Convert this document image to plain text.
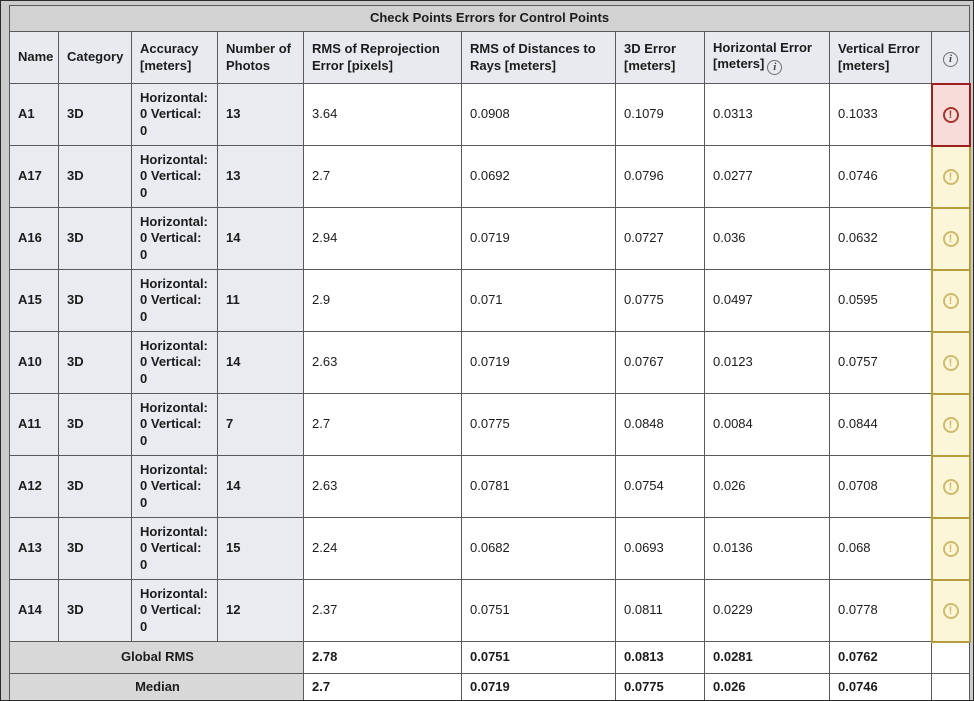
Check Points Errors for Control Points									
Name	Category	Accuracy [meters]	Number of Photos	RMS of Reprojection Error [pixels]	RMS of Distances to Rays [meters]	3D Error [meters]	Horizontal Error [meters] i	Vertical Error [meters]	i
A1	3D	Horizontal: 0 Vertical: 0	13	3.64	0.0908	0.1079	0.0313	0.1033	!
A17	3D	Horizontal: 0 Vertical: 0	13	2.7	0.0692	0.0796	0.0277	0.0746	!
A16	3D	Horizontal: 0 Vertical: 0	14	2.94	0.0719	0.0727	0.036	0.0632	!
A15	3D	Horizontal: 0 Vertical: 0	11	2.9	0.071	0.0775	0.0497	0.0595	!
A10	3D	Horizontal: 0 Vertical: 0	14	2.63	0.0719	0.0767	0.0123	0.0757	!
A11	3D	Horizontal: 0 Vertical: 0	7	2.7	0.0775	0.0848	0.0084	0.0844	!
A12	3D	Horizontal: 0 Vertical: 0	14	2.63	0.0781	0.0754	0.026	0.0708	!
A13	3D	Horizontal: 0 Vertical: 0	15	2.24	0.0682	0.0693	0.0136	0.068	!
A14	3D	Horizontal: 0 Vertical: 0	12	2.37	0.0751	0.0811	0.0229	0.0778	!
Global RMS				2.78	0.0751	0.0813	0.0281	0.0762	
Median				2.7	0.0719	0.0775	0.026	0.0746	
